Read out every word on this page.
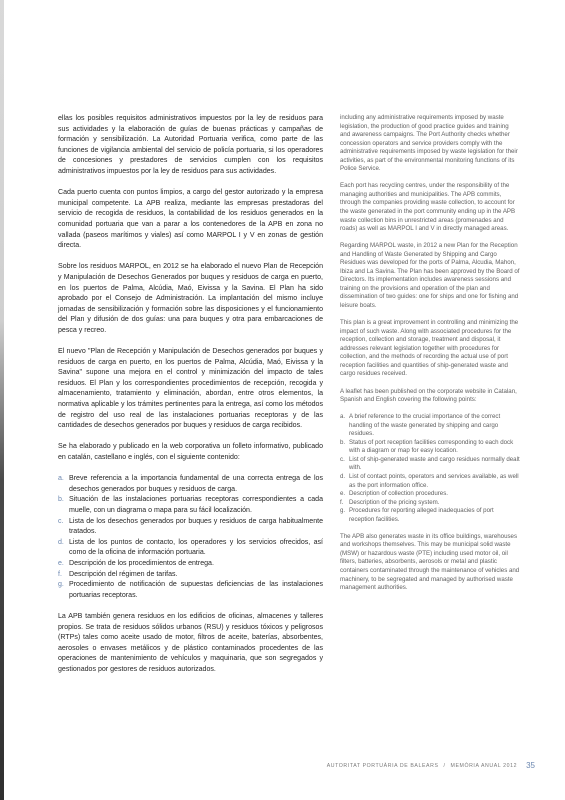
ellas los posibles requisitos administrativos impuestos por la ley de residuos para sus actividades y la elaboración de guías de buenas prácticas y campañas de formación y sensibilización. La Autoridad Portuaria verifica, como parte de las funciones de vigilancia ambiental del servicio de policía portuaria, si los operadores de concesiones y prestadores de servicios cumplen con los requisitos administrativos impuestos por la ley de residuos para sus actividades.

Cada puerto cuenta con puntos limpios, a cargo del gestor autorizado y la empresa municipal competente. La APB realiza, mediante las empresas prestadoras del servicio de recogida de residuos, la contabilidad de los residuos generados en la comunidad portuaria que van a parar a los contenedores de la APB en zona no vallada (paseos marítimos y viales) así como MARPOL I y V en zonas de gestión directa.

Sobre los residuos MARPOL, en 2012 se ha elaborado el nuevo Plan de Recepción y Manipulación de Desechos Generados por buques y residuos de carga en puerto, en los puertos de Palma, Alcúdia, Maó, Eivissa y la Savina. El Plan ha sido aprobado por el Consejo de Administración. La implantación del mismo incluye jornadas de sensibilización y formación sobre las disposiciones y el funcionamiento del Plan y difusión de dos guías: una para buques y otra para embarcaciones de pesca y recreo.

El nuevo "Plan de Recepción y Manipulación de Desechos generados por buques y residuos de carga en puerto, en los puertos de Palma, Alcúdia, Maó, Eivissa y la Savina" supone una mejora en el control y minimización del impacto de tales residuos. El Plan y los correspondientes procedimientos de recepción, recogida y almacenamiento, tratamiento y eliminación, abordan, entre otros elementos, la normativa aplicable y los trámites pertinentes para la entrega, así como los métodos de registro del uso real de las instalaciones portuarias receptoras y de las cantidades de desechos generados por buques y residuos de carga recibidos.

Se ha elaborado y publicado en la web corporativa un folleto informativo, publicado en catalán, castellano e inglés, con el siguiente contenido:

a. Breve referencia a la importancia fundamental de una correcta entrega de los desechos generados por buques y residuos de carga.
b. Situación de las instalaciones portuarias receptoras correspondientes a cada muelle, con un diagrama o mapa para su fácil localización.
c. Lista de los desechos generados por buques y residuos de carga habitualmente tratados.
d. Lista de los puntos de contacto, los operadores y los servicios ofrecidos, así como de la oficina de información portuaria.
e. Descripción de los procedimientos de entrega.
f. Descripción del régimen de tarifas.
g. Procedimiento de notificación de supuestas deficiencias de las instalaciones portuarias receptoras.

La APB también genera residuos en los edificios de oficinas, almacenes y talleres propios. Se trata de residuos sólidos urbanos (RSU) y residuos tóxicos y peligrosos (RTPs) tales como aceite usado de motor, filtros de aceite, baterías, absorbentes, aerosoles o envases metálicos y de plástico contaminados procedentes de las operaciones de mantenimiento de vehículos y maquinaria, que son segregados y gestionados por gestores de residuos autorizados.

including any administrative requirements imposed by waste legislation, the production of good practice guides and training and awareness campaigns. The Port Authority checks whether concession operators and service providers comply with the administrative requirements imposed by waste legislation for their activities, as part of the environmental monitoring functions of its Police Service.

Each port has recycling centres, under the responsibility of the managing authorities and municipalities. The APB commits, through the companies providing waste collection, to account for the waste generated in the port community ending up in the APB waste collection bins in unrestricted areas (promenades and roads) as well as MARPOL I and V in directly managed areas.

Regarding MARPOL waste, in 2012 a new Plan for the Reception and Handling of Waste Generated by Shipping and Cargo Residues was developed for the ports of Palma, Alcudia, Mahon, Ibiza and La Savina. The Plan has been approved by the Board of Directors. Its implementation includes awareness sessions and training on the provisions and operation of the plan and dissemination of two guides: one for ships and one for fishing and leisure boats.

This plan is a great improvement in controlling and minimizing the impact of such waste. Along with associated procedures for the reception, collection and storage, treatment and disposal, it addresses relevant legislation together with procedures for collection, and the methods of recording the actual use of port reception facilities and quantities of ship-generated waste and cargo residues received.

A leaflet has been published on the corporate website in Catalan, Spanish and English covering the following points:

a. A brief reference to the crucial importance of the correct handling of the waste generated by shipping and cargo residues.
b. Status of port reception facilities corresponding to each dock with a diagram or map for easy location.
c. List of ship-generated waste and cargo residues normally dealt with.
d. List of contact points, operators and services available, as well as the port information office.
e. Description of collection procedures.
f. Description of the pricing system.
g. Procedures for reporting alleged inadequacies of port reception facilities.

The APB also generates waste in its office buildings, warehouses and workshops themselves. This may be municipal solid waste (MSW) or hazardous waste (PTE) including used motor oil, oil filters, batteries, absorbents, aerosols or metal and plastic containers contaminated through the maintenance of vehicles and machinery, to be segregated and managed by authorised waste management authorities.

AUTORITAT PORTUÀRIA DE BALEARS / MEMÒRIA ANUAL 2012 35
